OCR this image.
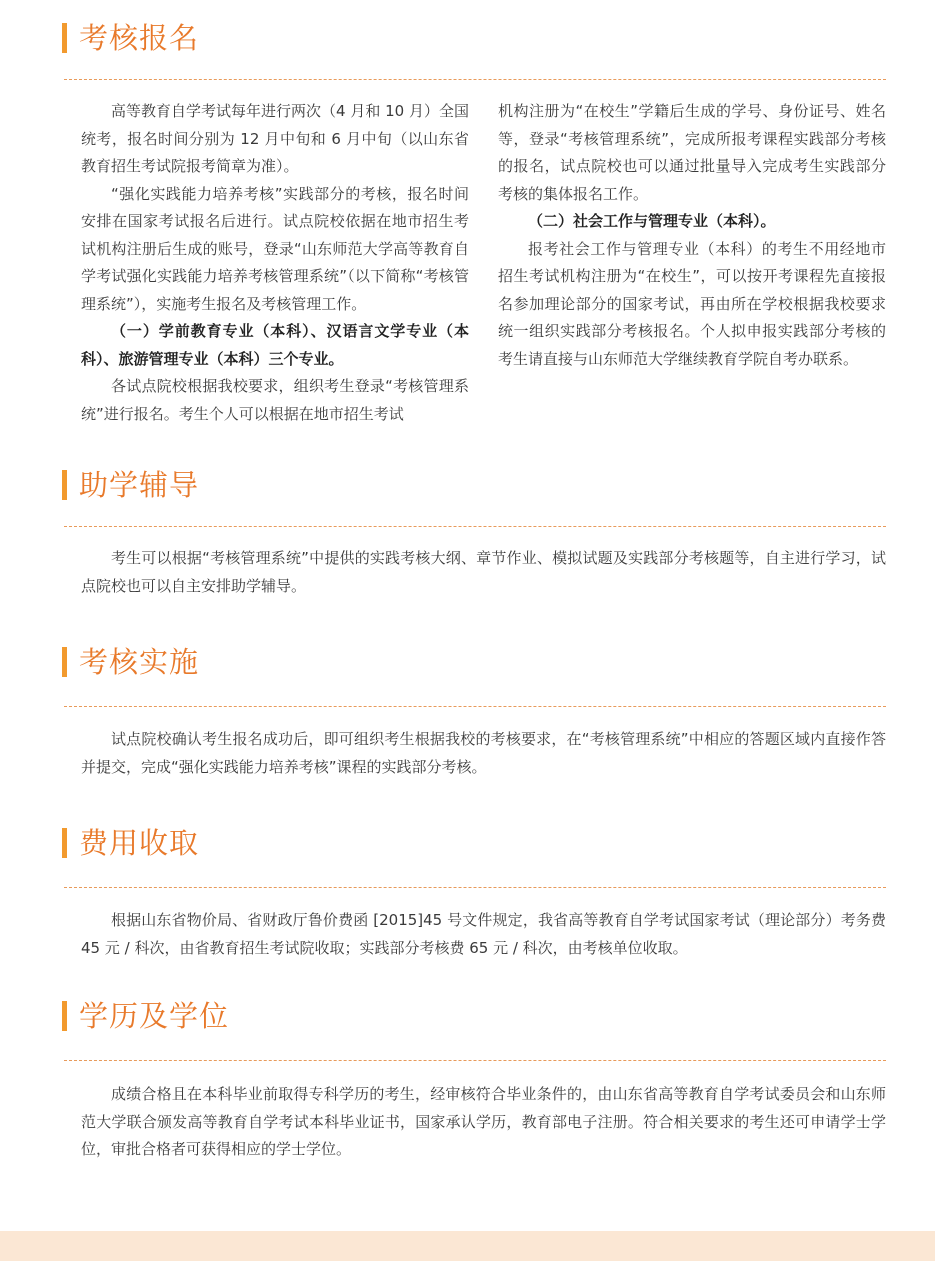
考核报名

高等教育自学考试每年进行两次（4 月和 10 月）全国统考，报名时间分别为 12 月中旬和 6 月中旬（以山东省教育招生考试院报考简章为准）。

“强化实践能力培养考核”实践部分的考核，报名时间安排在国家考试报名后进行。试点院校依据在地市招生考试机构注册后生成的账号，登录“山东师范大学高等教育自学考试强化实践能力培养考核管理系统”（以下简称“考核管理系统”），实施考生报名及考核管理工作。

（一）学前教育专业（本科）、汉语言文学专业（本科）、旅游管理专业（本科）三个专业。

各试点院校根据我校要求，组织考生登录“考核管理系统”进行报名。考生个人可以根据在地市招生考试

机构注册为“在校生”学籍后生成的学号、身份证号、姓名等，登录“考核管理系统”，完成所报考课程实践部分考核的报名，试点院校也可以通过批量导入完成考生实践部分考核的集体报名工作。

（二）社会工作与管理专业（本科）。

报考社会工作与管理专业（本科）的考生不用经地市招生考试机构注册为“在校生”，可以按开考课程先直接报名参加理论部分的国家考试，再由所在学校根据我校要求统一组织实践部分考核报名。个人拟申报实践部分考核的考生请直接与山东师范大学继续教育学院自考办联系。

助学辅导

考生可以根据“考核管理系统”中提供的实践考核大纲、章节作业、模拟试题及实践部分考核题等，自主进行学习，试点院校也可以自主安排助学辅导。

考核实施

试点院校确认考生报名成功后，即可组织考生根据我校的考核要求，在“考核管理系统”中相应的答题区域内直接作答并提交，完成“强化实践能力培养考核”课程的实践部分考核。

费用收取

根据山东省物价局、省财政厅鲁价费函 [2015]45 号文件规定，我省高等教育自学考试国家考试（理论部分）考务费 45 元 / 科次，由省教育招生考试院收取；实践部分考核费 65 元 / 科次，由考核单位收取。

学历及学位

成绩合格且在本科毕业前取得专科学历的考生，经审核符合毕业条件的，由山东省高等教育自学考试委员会和山东师范大学联合颁发高等教育自学考试本科毕业证书，国家承认学历，教育部电子注册。符合相关要求的考生还可申请学士学位，审批合格者可获得相应的学士学位。
